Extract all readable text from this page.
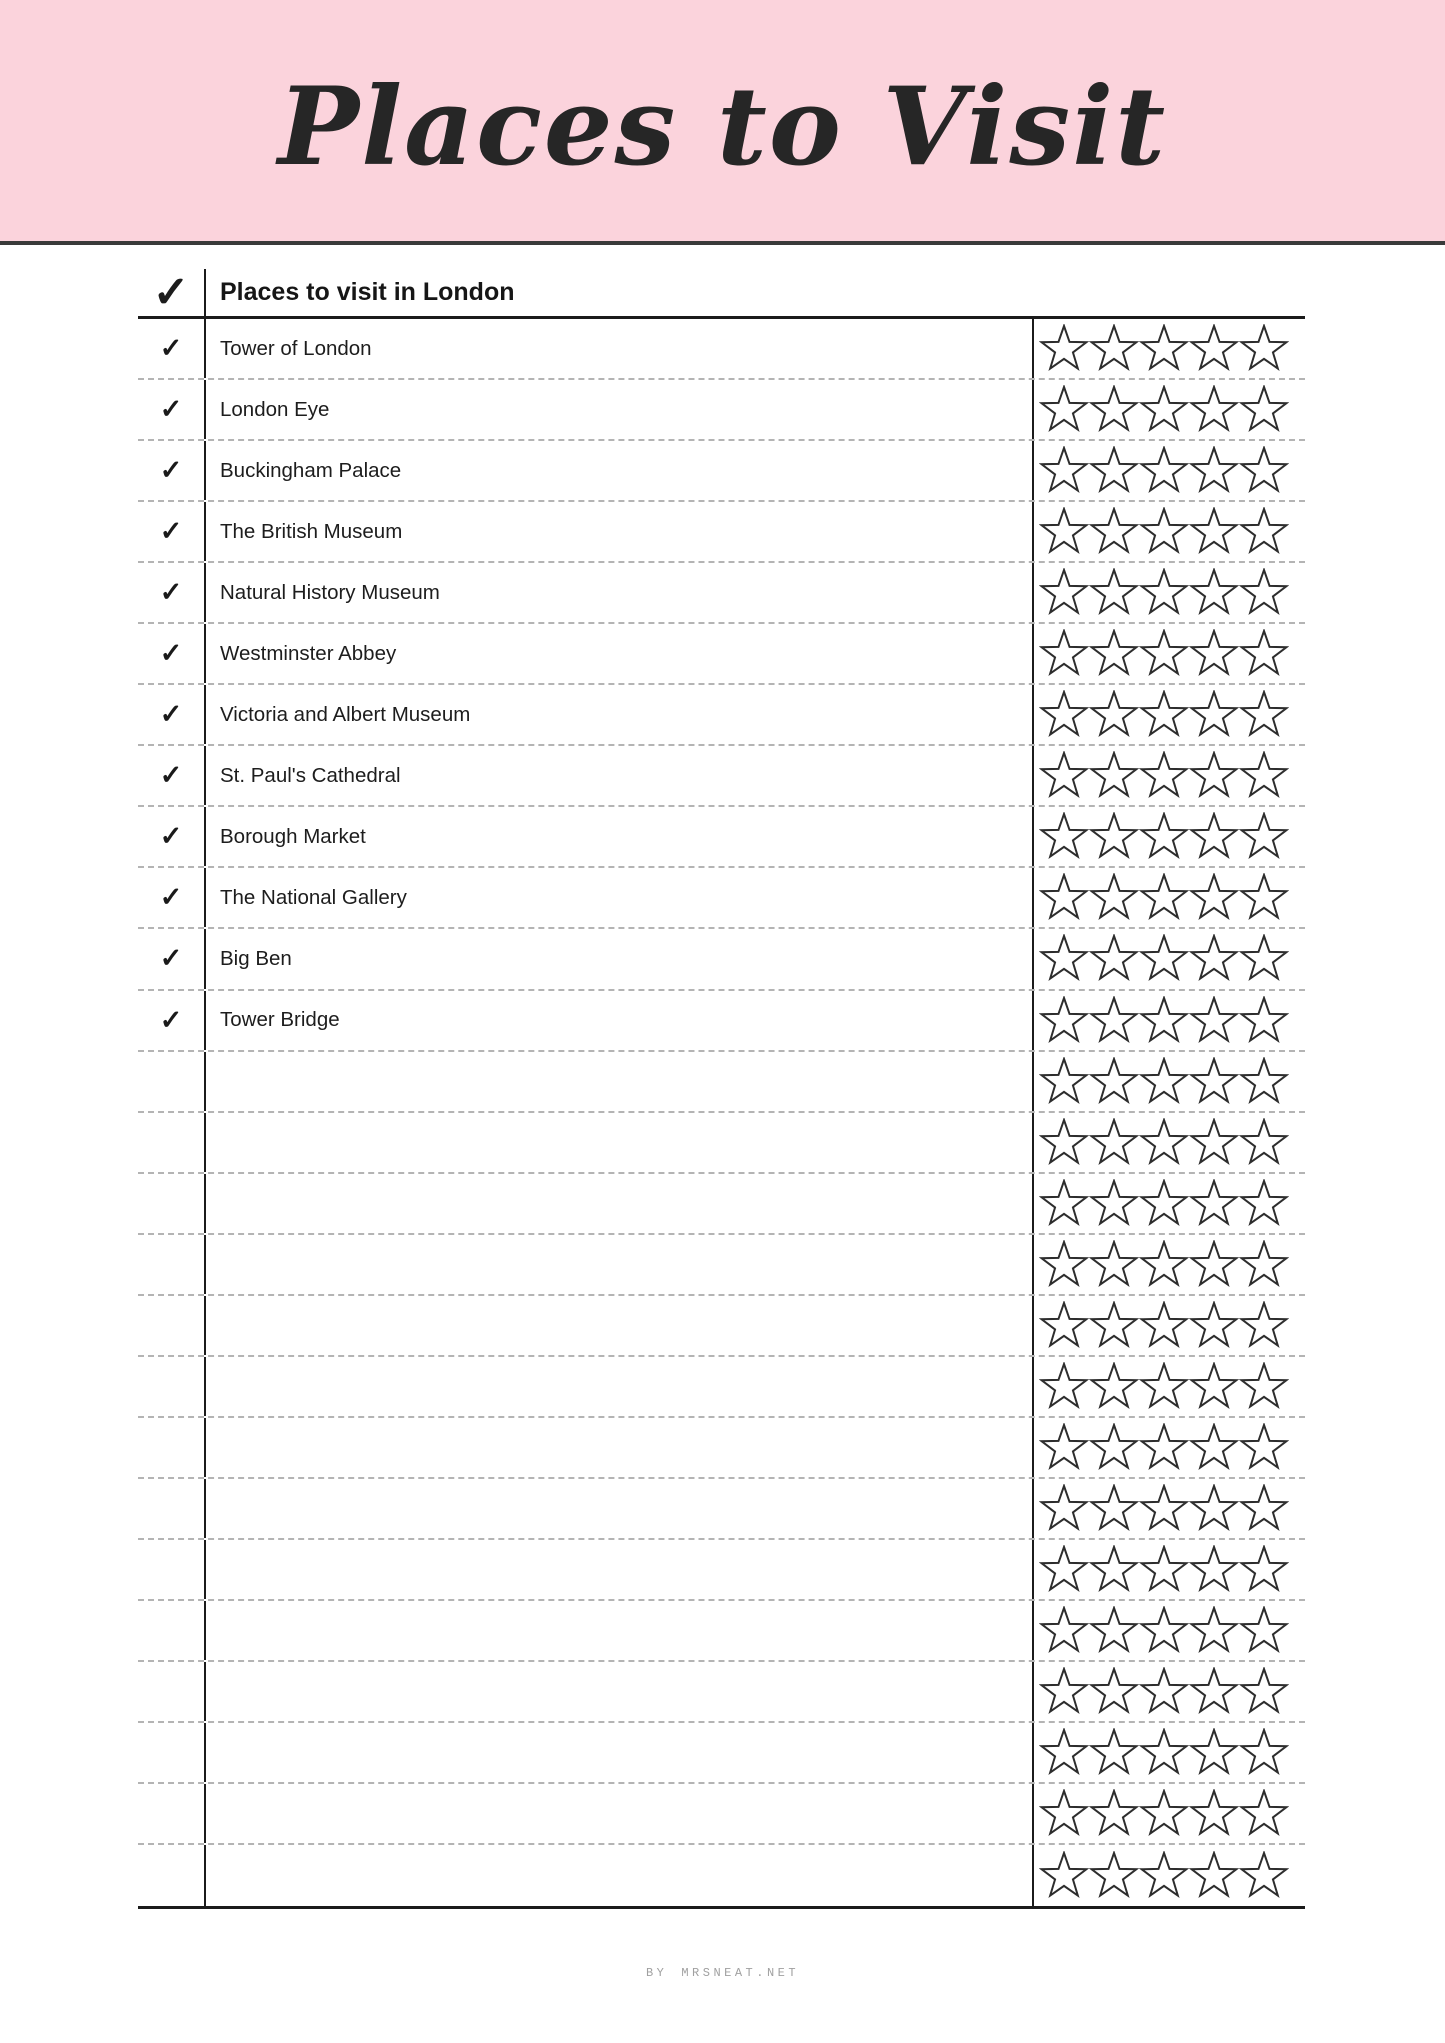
Places to Visit
✓	Places to visit in London
✓	Tower of London
✓	London Eye
✓	Buckingham Palace
✓	The British Museum
✓	Natural History Museum
✓	Westminster Abbey
✓	Victoria and Albert Museum
✓	St. Paul's Cathedral
✓	Borough Market
✓	The National Gallery
✓	Big Ben
✓	Tower Bridge
BY MRSNEAT.NET
